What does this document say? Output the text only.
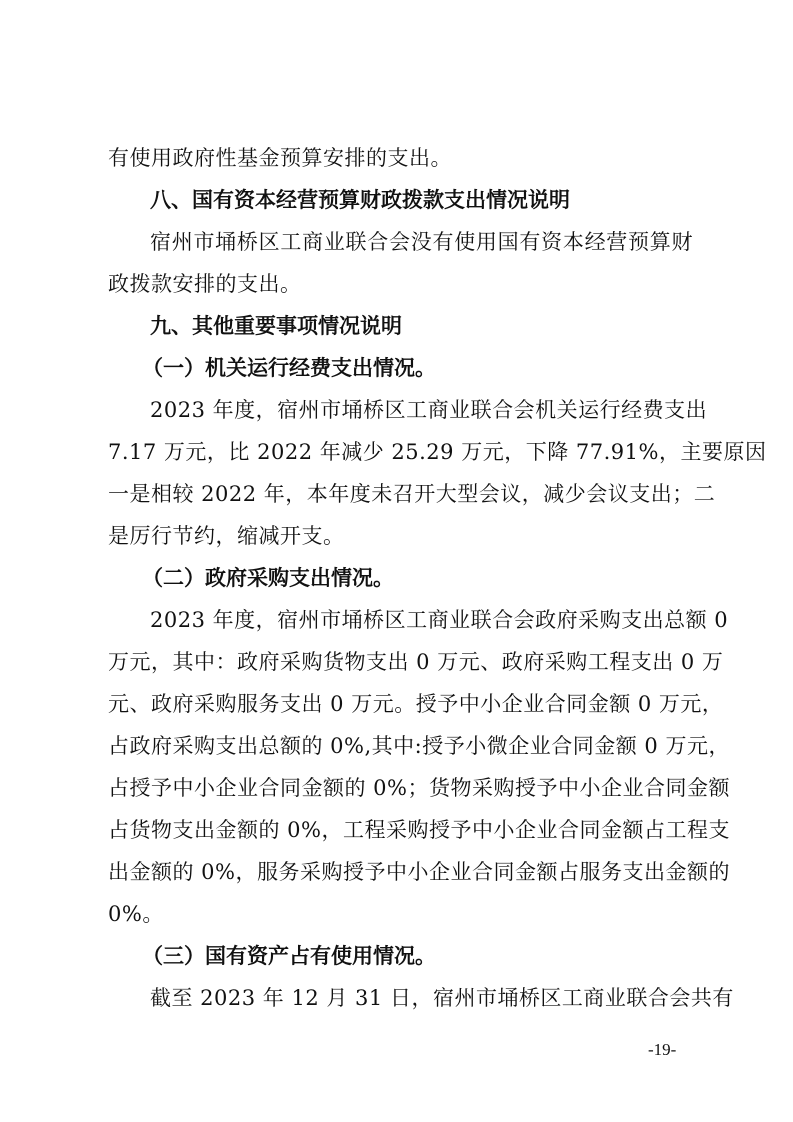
有使用政府性基金预算安排的支出。
八、国有资本经营预算财政拨款支出情况说明
宿州市埇桥区工商业联合会没有使用国有资本经营预算财
政拨款安排的支出。
九、其他重要事项情况说明
（一）机关运行经费支出情况。
2023 年度，宿州市埇桥区工商业联合会机关运行经费支出
7.17 万元，比 2022 年减少 25.29 万元，下降 77.91%，主要原因
一是相较 2022 年，本年度未召开大型会议，减少会议支出；二
是厉行节约，缩减开支。
（二）政府采购支出情况。
2023 年度，宿州市埇桥区工商业联合会政府采购支出总额 0
万元，其中：政府采购货物支出 0 万元、政府采购工程支出 0 万
元、政府采购服务支出 0 万元。授予中小企业合同金额 0 万元，
占政府采购支出总额的 0%,其中:授予小微企业合同金额 0 万元，
占授予中小企业合同金额的 0%；货物采购授予中小企业合同金额
占货物支出金额的 0%，工程采购授予中小企业合同金额占工程支
出金额的 0%，服务采购授予中小企业合同金额占服务支出金额的
0%。
（三）国有资产占有使用情况。
截至 2023 年 12 月 31 日，宿州市埇桥区工商业联合会共有
-19-
